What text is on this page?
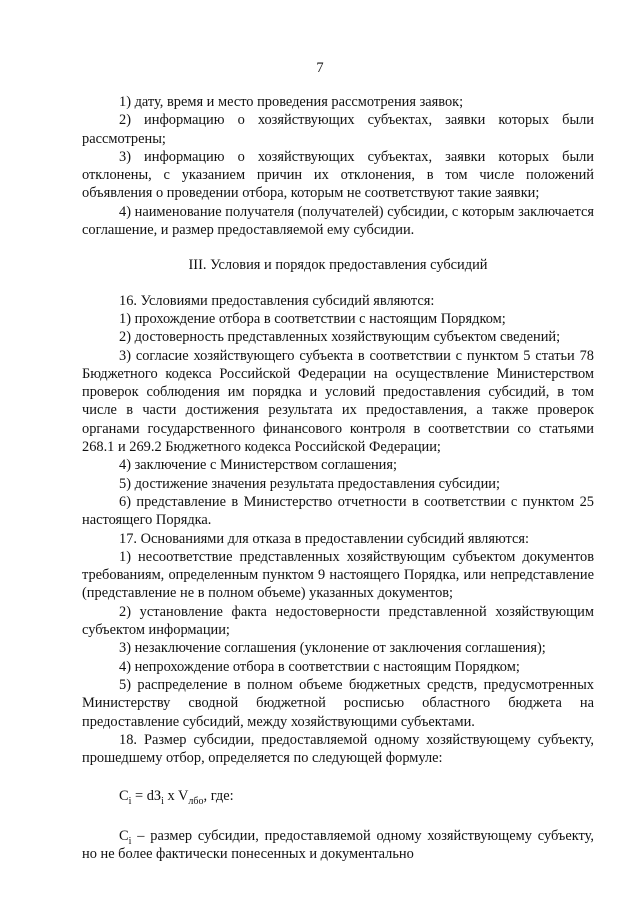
7

1) дату, время и место проведения рассмотрения заявок;

2) информацию о хозяйствующих субъектах, заявки которых были рассмотрены;

3) информацию о хозяйствующих субъектах, заявки которых были отклонены, с указанием причин их отклонения, в том числе положений объявления о проведении отбора, которым не соответствуют такие заявки;

4) наименование получателя (получателей) субсидии, с которым заключается соглашение, и размер предоставляемой ему субсидии.

III. Условия и порядок предоставления субсидий

16. Условиями предоставления субсидий являются:

1) прохождение отбора в соответствии с настоящим Порядком;

2) достоверность представленных хозяйствующим субъектом сведений;

3) согласие хозяйствующего субъекта в соответствии с пунктом 5 статьи 78 Бюджетного кодекса Российской Федерации на осуществление Министерством проверок соблюдения им порядка и условий предоставления субсидий, в том числе в части достижения результата их предоставления, а также проверок органами государственного финансового контроля в соответствии со статьями 268.1 и 269.2 Бюджетного кодекса Российской Федерации;

4) заключение с Министерством соглашения;

5) достижение значения результата предоставления субсидии;

6) представление в Министерство отчетности в соответствии с пунктом 25 настоящего Порядка.

17. Основаниями для отказа в предоставлении субсидий являются:

1) несоответствие представленных хозяйствующим субъектом документов требованиям, определенным пунктом 9 настоящего Порядка, или непредставление (представление не в полном объеме) указанных документов;

2) установление факта недостоверности представленной хозяйствующим субъектом информации;

3) незаключение соглашения (уклонение от заключения соглашения);

4) непрохождение отбора в соответствии с настоящим Порядком;

5) распределение в полном объеме бюджетных средств, предусмотренных Министерству сводной бюджетной росписью областного бюджета на предоставление субсидий, между хозяйствующими субъектами.

18. Размер субсидии, предоставляемой одному хозяйствующему субъекту, прошедшему отбор, определяется по следующей формуле:

$C_i = dЗ_i$ x $V_{лбо}$, где:

$C_i$ – размер субсидии, предоставляемой одному хозяйствующему субъекту, но не более фактически понесенных и документально
